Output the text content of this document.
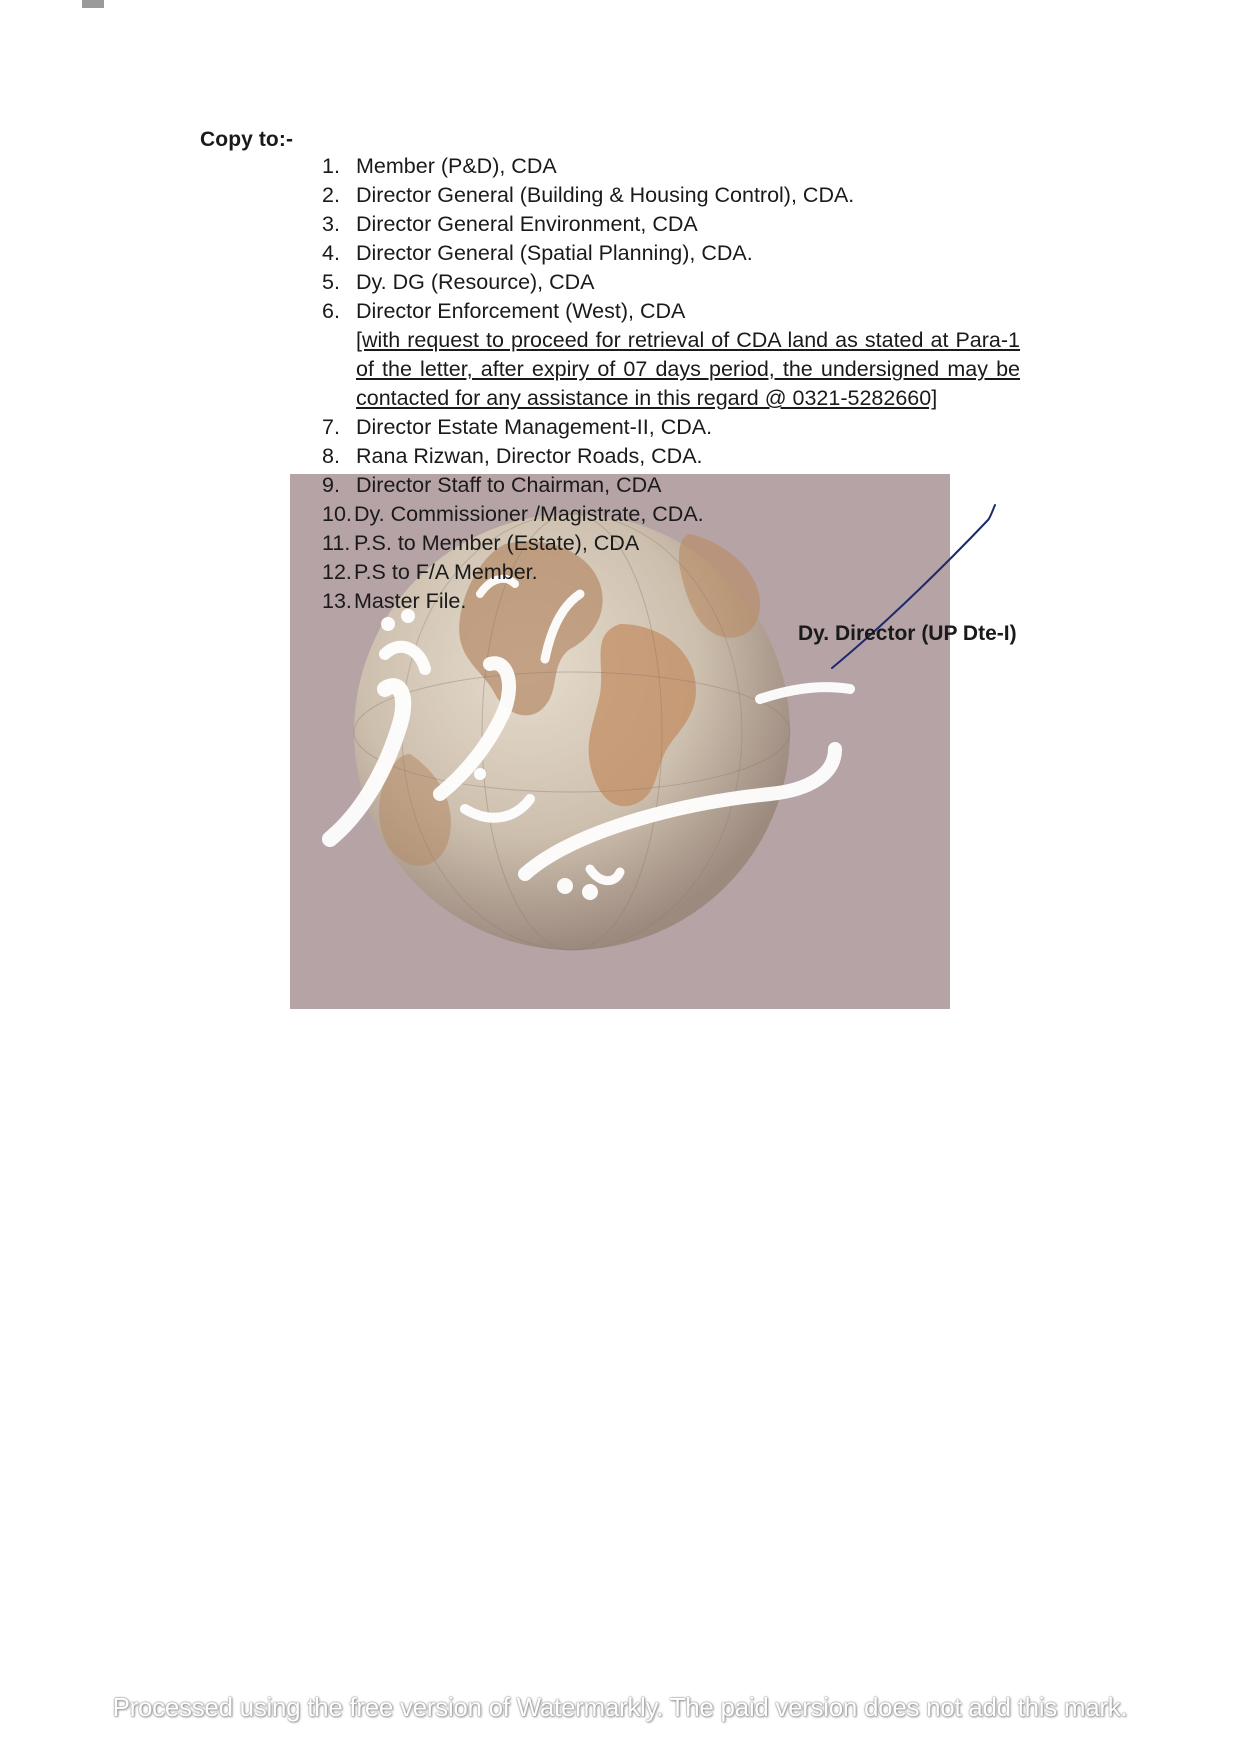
Copy to:-
1. Member (P&D), CDA
2. Director General (Building & Housing Control), CDA.
3. Director General Environment, CDA
4. Director General (Spatial Planning), CDA.
5. Dy. DG (Resource), CDA
6. Director Enforcement (West), CDA
[with request to proceed for retrieval of CDA land as stated at Para-1 of the letter, after expiry of 07 days period, the undersigned may be contacted for any assistance in this regard @ 0321-5282660]
7. Director Estate Management-II, CDA.
8. Rana Rizwan, Director Roads, CDA.
9. Director Staff to Chairman, CDA
10. Dy. Commissioner /Magistrate, CDA.
11. P.S. to Member (Estate), CDA
12. P.S to F/A Member.
13. Master File.
Dy. Director (UP Dte-I)
Processed using the free version of Watermarkly. The paid version does not add this mark.
